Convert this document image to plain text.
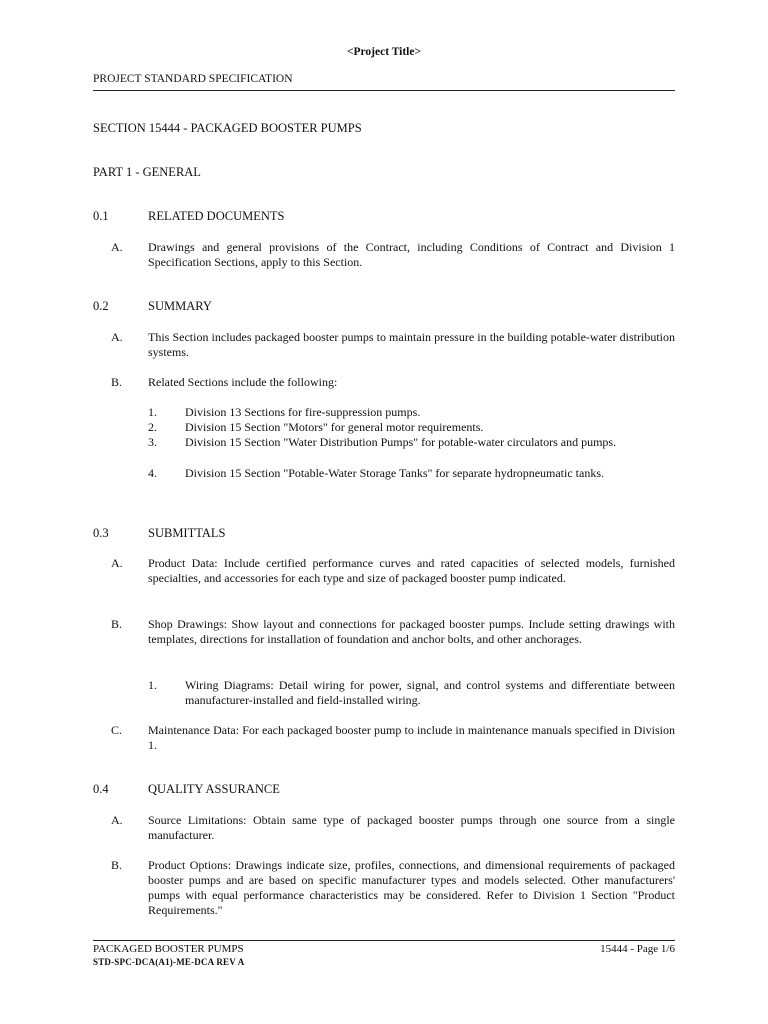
<Project Title>
PROJECT STANDARD SPECIFICATION
SECTION 15444 - PACKAGED BOOSTER PUMPS
PART 1 - GENERAL
0.1	RELATED DOCUMENTS
A. Drawings and general provisions of the Contract, including Conditions of Contract and Division 1 Specification Sections, apply to this Section.
0.2	SUMMARY
A. This Section includes packaged booster pumps to maintain pressure in the building potable-water distribution systems.
B. Related Sections include the following:
1. Division 13 Sections for fire-suppression pumps.
2. Division 15 Section "Motors" for general motor requirements.
3. Division 15 Section "Water Distribution Pumps" for potable-water circulators and pumps.
4. Division 15 Section "Potable-Water Storage Tanks" for separate hydropneumatic tanks.
0.3	SUBMITTALS
A. Product Data: Include certified performance curves and rated capacities of selected models, furnished specialties, and accessories for each type and size of packaged booster pump indicated.
B. Shop Drawings: Show layout and connections for packaged booster pumps. Include setting drawings with templates, directions for installation of foundation and anchor bolts, and other anchorages.
1. Wiring Diagrams: Detail wiring for power, signal, and control systems and differentiate between manufacturer-installed and field-installed wiring.
C. Maintenance Data: For each packaged booster pump to include in maintenance manuals specified in Division 1.
0.4	QUALITY ASSURANCE
A. Source Limitations: Obtain same type of packaged booster pumps through one source from a single manufacturer.
B. Product Options: Drawings indicate size, profiles, connections, and dimensional requirements of packaged booster pumps and are based on specific manufacturer types and models selected. Other manufacturers' pumps with equal performance characteristics may be considered. Refer to Division 1 Section "Product Requirements."
PACKAGED BOOSTER PUMPS	15444 - Page 1/6
STD-SPC-DCA(A1)-ME-DCA REV A
